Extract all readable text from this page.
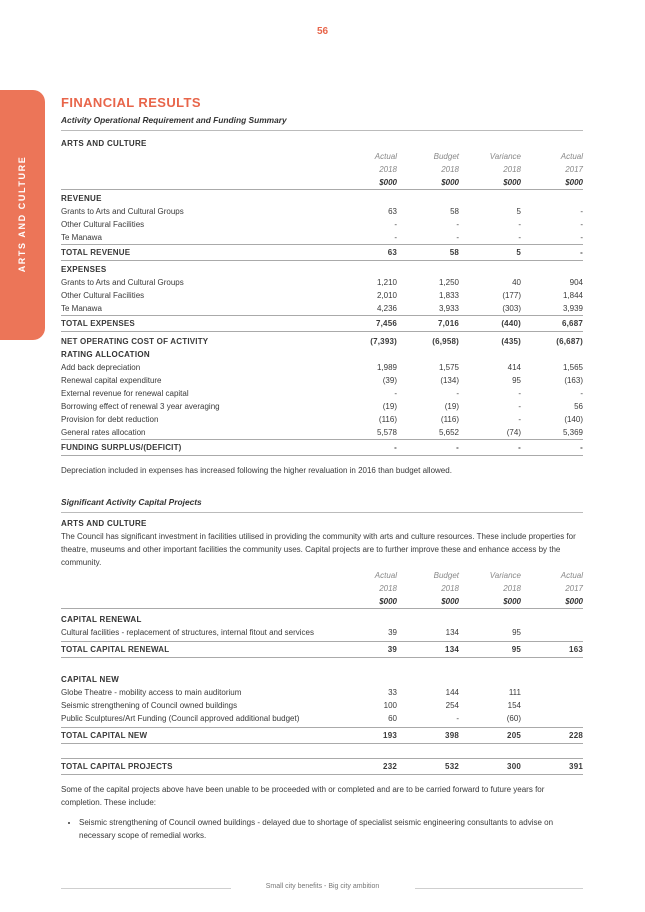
56
ARTS AND CULTURE
FINANCIAL RESULTS
Activity Operational Requirement and Funding Summary
ARTS AND CULTURE
Actual	Budget	Variance	Actual
2018	2018	2018	2017
$000	$000	$000	$000
REVENUE
Grants to Arts and Cultural Groups	63	58	5	-
Other Cultural Facilities	-	-	-	-
Te Manawa	-	-	-	-
TOTAL REVENUE	63	58	5	-
EXPENSES
Grants to Arts and Cultural Groups	1,210	1,250	40	904
Other Cultural Facilities	2,010	1,833	(177)	1,844
Te Manawa	4,236	3,933	(303)	3,939
TOTAL EXPENSES	7,456	7,016	(440)	6,687
NET OPERATING COST OF ACTIVITY	(7,393)	(6,958)	(435)	(6,687)
RATING ALLOCATION
Add back depreciation	1,989	1,575	414	1,565
Renewal capital expenditure	(39)	(134)	95	(163)
External revenue for renewal capital	-	-	-	-
Borrowing effect of renewal 3 year averaging	(19)	(19)	-	56
Provision for debt reduction	(116)	(116)	-	(140)
General rates allocation	5,578	5,652	(74)	5,369
FUNDING SURPLUS/(DEFICIT)	-	-	-	-
Depreciation included in expenses has increased following the higher revaluation in 2016 than budget allowed.
Significant Activity Capital Projects
ARTS AND CULTURE
The Council has significant investment in facilities utilised in providing the community with arts and culture resources. These include properties for theatre, museums and other important facilities the community uses. Capital projects are to further improve these and enhance access by the community.
Actual	Budget	Variance	Actual
2018	2018	2018	2017
$000	$000	$000	$000
CAPITAL RENEWAL
Cultural facilities - replacement of structures, internal fitout and services	39	134	95
TOTAL CAPITAL RENEWAL	39	134	95	163
CAPITAL NEW
Globe Theatre - mobility access to main auditorium	33	144	111
Seismic strengthening of Council owned buildings	100	254	154
Public Sculptures/Art Funding (Council approved additional budget)	60	-	(60)
TOTAL CAPITAL NEW	193	398	205	228
TOTAL CAPITAL PROJECTS	232	532	300	391
Some of the capital projects above have been unable to be proceeded with or completed and are to be carried forward to future years for completion. These include:
• Seismic strengthening of Council owned buildings - delayed due to shortage of specialist seismic engineering consultants to advise on necessary scope of remedial works.
Small city benefits - Big city ambition
